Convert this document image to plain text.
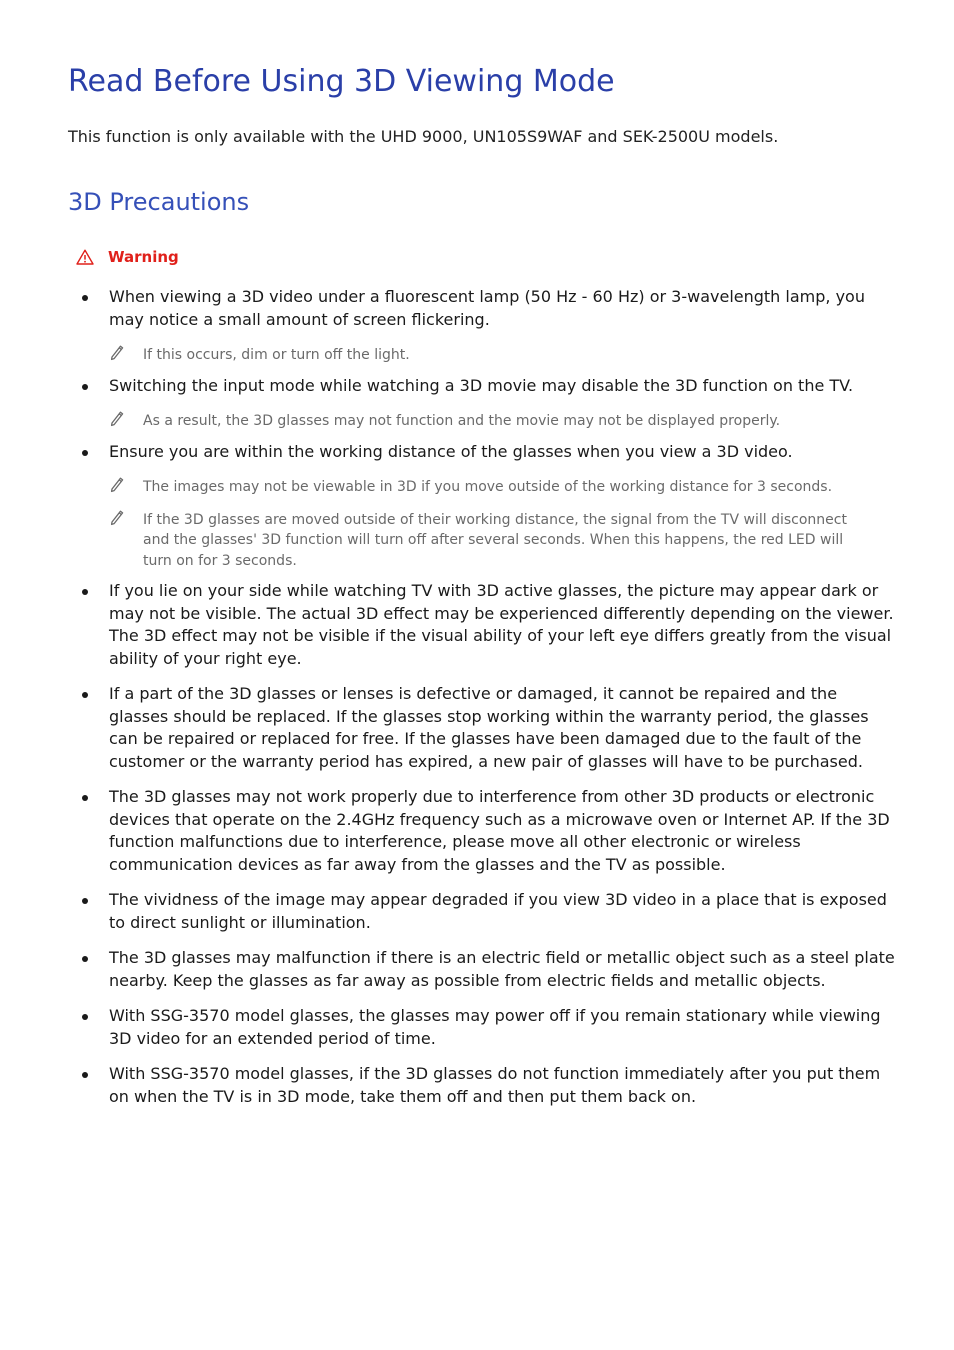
Read Before Using 3D Viewing Mode

This function is only available with the UHD 9000, UN105S9WAF and SEK-2500U models.

3D Precautions
Warning

When viewing a 3D video under a fluorescent lamp (50 Hz - 60 Hz) or 3-wavelength lamp, you may notice a small amount of screen flickering.

If this occurs, dim or turn off the light.

Switching the input mode while watching a 3D movie may disable the 3D function on the TV.

As a result, the 3D glasses may not function and the movie may not be displayed properly.

Ensure you are within the working distance of the glasses when you view a 3D video.

The images may not be viewable in 3D if you move outside of the working distance for 3 seconds.

If the 3D glasses are moved outside of their working distance, the signal from the TV will disconnect and the glasses' 3D function will turn off after several seconds. When this happens, the red LED will turn on for 3 seconds.

If you lie on your side while watching TV with 3D active glasses, the picture may appear dark or may not be visible. The actual 3D effect may be experienced differently depending on the viewer. The 3D effect may not be visible if the visual ability of your left eye differs greatly from the visual ability of your right eye.

If a part of the 3D glasses or lenses is defective or damaged, it cannot be repaired and the glasses should be replaced. If the glasses stop working within the warranty period, the glasses can be repaired or replaced for free. If the glasses have been damaged due to the fault of the customer or the warranty period has expired, a new pair of glasses will have to be purchased.

The 3D glasses may not work properly due to interference from other 3D products or electronic devices that operate on the 2.4GHz frequency such as a microwave oven or Internet AP. If the 3D function malfunctions due to interference, please move all other electronic or wireless communication devices as far away from the glasses and the TV as possible.

The vividness of the image may appear degraded if you view 3D video in a place that is exposed to direct sunlight or illumination.

The 3D glasses may malfunction if there is an electric field or metallic object such as a steel plate nearby. Keep the glasses as far away as possible from electric fields and metallic objects.

With SSG-3570 model glasses, the glasses may power off if you remain stationary while viewing 3D video for an extended period of time.

With SSG-3570 model glasses, if the 3D glasses do not function immediately after you put them on when the TV is in 3D mode, take them off and then put them back on.
